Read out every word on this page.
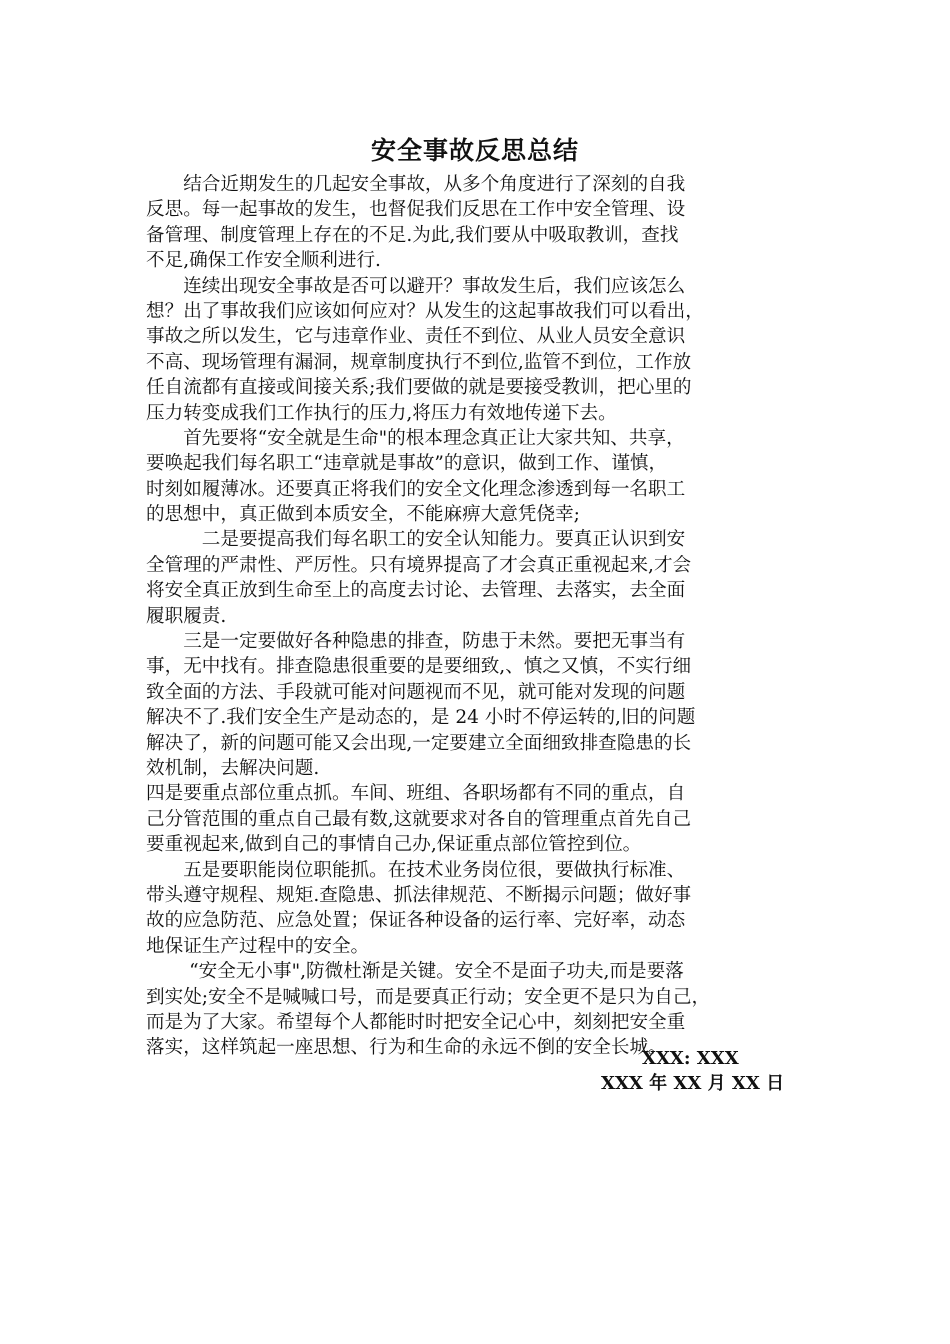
安全事故反思总结
　　结合近期发生的几起安全事故，从多个角度进行了深刻的自我
反思。每一起事故的发生，也督促我们反思在工作中安全管理、设
备管理、制度管理上存在的不足.为此,我们要从中吸取教训，查找
不足,确保工作安全顺利进行.
　　连续出现安全事故是否可以避开？事故发生后，我们应该怎么
想？出了事故我们应该如何应对？从发生的这起事故我们可以看出，
事故之所以发生，它与违章作业、责任不到位、从业人员安全意识
不高、现场管理有漏洞，规章制度执行不到位,监管不到位，工作放
任自流都有直接或间接关系;我们要做的就是要接受教训，把心里的
压力转变成我们工作执行的压力,将压力有效地传递下去。
　　首先要将“安全就是生命"的根本理念真正让大家共知、共享，
要唤起我们每名职工“违章就是事故”的意识，做到工作、谨慎，
时刻如履薄冰。还要真正将我们的安全文化理念渗透到每一名职工
的思想中，真正做到本质安全，不能麻痹大意凭侥幸;
　　　二是要提高我们每名职工的安全认知能力。要真正认识到安
全管理的严肃性、严厉性。只有境界提高了才会真正重视起来,才会
将安全真正放到生命至上的高度去讨论、去管理、去落实，去全面
履职履责.
　　三是一定要做好各种隐患的排查，防患于未然。要把无事当有
事，无中找有。排查隐患很重要的是要细致,、慎之又慎，不实行细
致全面的方法、手段就可能对问题视而不见，就可能对发现的问题
解决不了.我们安全生产是动态的，是 24 小时不停运转的,旧的问题
解决了，新的问题可能又会出现,一定要建立全面细致排查隐患的长
效机制，去解决问题.
四是要重点部位重点抓。车间、班组、各职场都有不同的重点，自
己分管范围的重点自己最有数,这就要求对各自的管理重点首先自己
要重视起来,做到自己的事情自己办,保证重点部位管控到位。
　　五是要职能岗位职能抓。在技术业务岗位很，要做执行标准、
带头遵守规程、规矩.查隐患、抓法律规范、不断揭示问题；做好事
故的应急防范、应急处置；保证各种设备的运行率、完好率，动态
地保证生产过程中的安全。
　　 “安全无小事",防微杜渐是关键。安全不是面子功夫,而是要落
到实处;安全不是喊喊口号，而是要真正行动；安全更不是只为自己，
而是为了大家。希望每个人都能时时把安全记心中，刻刻把安全重
落实，这样筑起一座思想、行为和生命的永远不倒的安全长城。
XXX: XXX
XXX 年 XX 月 XX 日
